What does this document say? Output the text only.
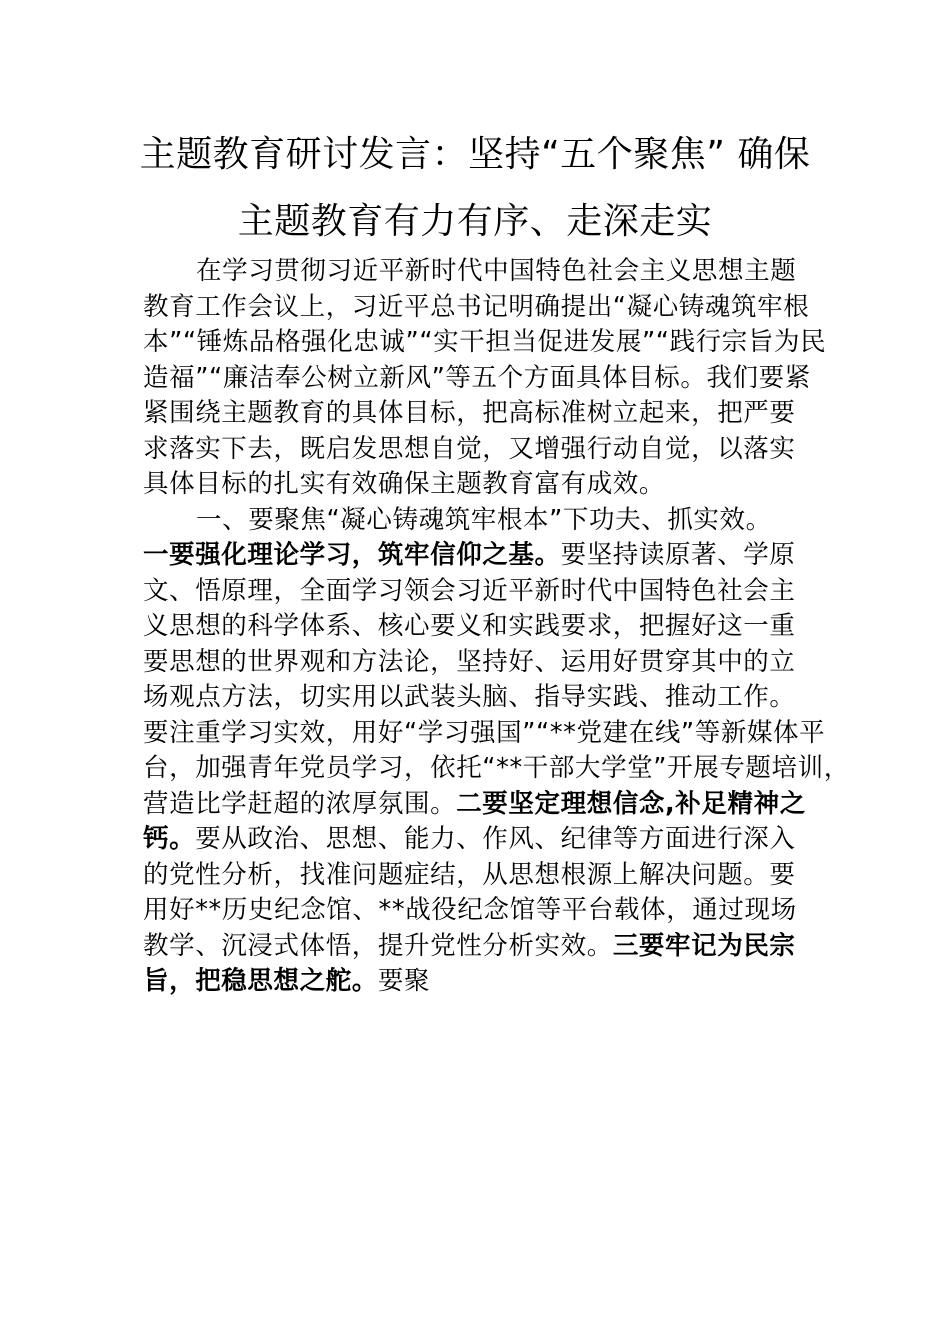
主题教育研讨发言：坚持“五个聚焦” 确保
主题教育有力有序、走深走实
在学习贯彻习近平新时代中国特色社会主义思想主题
教育工作会议上，习近平总书记明确提出“凝心铸魂筑牢根
本”“锤炼品格强化忠诚”“实干担当促进发展”“践行宗旨为民
造福”“廉洁奉公树立新风”等五个方面具体目标。我们要紧
紧围绕主题教育的具体目标，把高标准树立起来，把严要
求落实下去，既启发思想自觉，又增强行动自觉，以落实
具体目标的扎实有效确保主题教育富有成效。
一、要聚焦“凝心铸魂筑牢根本”下功夫、抓实效。
一要强化理论学习，筑牢信仰之基。要坚持读原著、学原
文、悟原理，全面学习领会习近平新时代中国特色社会主
义思想的科学体系、核心要义和实践要求，把握好这一重
要思想的世界观和方法论，坚持好、运用好贯穿其中的立
场观点方法，切实用以武装头脑、指导实践、推动工作。
要注重学习实效，用好“学习强国”“**党建在线”等新媒体平
台，加强青年党员学习，依托“**干部大学堂”开展专题培训，
营造比学赶超的浓厚氛围。二要坚定理想信念,补足精神之
钙。要从政治、思想、能力、作风、纪律等方面进行深入
的党性分析，找准问题症结，从思想根源上解决问题。要
用好**历史纪念馆、**战役纪念馆等平台载体，通过现场
教学、沉浸式体悟，提升党性分析实效。三要牢记为民宗
旨，把稳思想之舵。要聚
